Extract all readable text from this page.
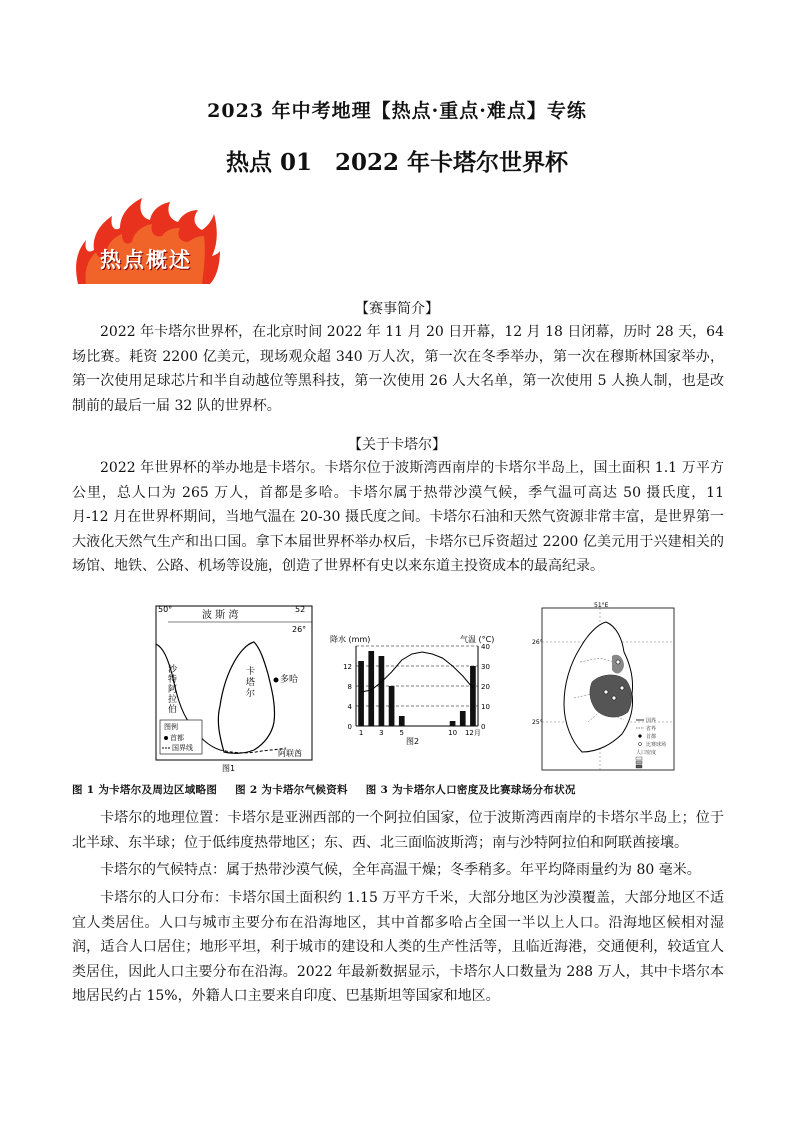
2023 年中考地理【热点·重点·难点】专练
热点 01　2022 年卡塔尔世界杯
热点概述
【赛事简介】

2022 年卡塔尔世界杯，在北京时间 2022 年 11 月 20 日开幕，12 月 18 日闭幕，历时 28 天，64 场比赛。耗资 2200 亿美元，现场观众超 340 万人次，第一次在冬季举办，第一次在穆斯林国家举办，第一次使用足球芯片和半自动越位等黑科技，第一次使用 26 人大名单，第一次使用 5 人换人制，也是改制前的最后一届 32 队的世界杯。

【关于卡塔尔】

2022 年世界杯的举办地是卡塔尔。卡塔尔位于波斯湾西南岸的卡塔尔半岛上，国土面积 1.1 万平方公里，总人口为 265 万人，首都是多哈。卡塔尔属于热带沙漠气候，季气温可高达 50 摄氏度，11 月-12 月在世界杯期间，当地气温在 20-30 摄氏度之间。卡塔尔石油和天然气资源非常丰富，是世界第一大液化天然气生产和出口国。拿下本届世界杯举办权后，卡塔尔已斥资超过 2200 亿美元用于兴建相关的场馆、地铁、公路、机场等设施，创造了世界杯有史以来东道主投资成本的最高纪录。

50°	52
26°
波 斯 湾
多哈
卡 塔 尔
沙 特 阿 拉 伯
阿联酋
图例
首都
国界线
图1
降水 (mm)	气温 (°C)
0
4
8
12
0
10
20
30
40
1 3 5	10 12月
图2
51°E
26°
25°	国界
省界
首都
比赛球场
人口密度
图 1 为卡塔尔及周边区域略图 图 2 为卡塔尔气候资料 图 3 为卡塔尔人口密度及比赛球场分布状况

卡塔尔的地理位置：卡塔尔是亚洲西部的一个阿拉伯国家，位于波斯湾西南岸的卡塔尔半岛上；位于北半球、东半球；位于低纬度热带地区；东、西、北三面临波斯湾；南与沙特阿拉伯和阿联酋接壤。

卡塔尔的气候特点：属于热带沙漠气候，全年高温干燥；冬季稍多。年平均降雨量约为 80 毫米。

卡塔尔的人口分布：卡塔尔国土面积约 1.15 万平方千米，大部分地区为沙漠覆盖，大部分地区不适宜人类居住。人口与城市主要分布在沿海地区，其中首都多哈占全国一半以上人口。沿海地区候相对湿润，适合人口居住；地形平坦，利于城市的建设和人类的生产性活等，且临近海港，交通便利，较适宜人类居住，因此人口主要分布在沿海。2022 年最新数据显示，卡塔尔人口数量为 288 万人，其中卡塔尔本地居民约占 15%，外籍人口主要来自印度、巴基斯坦等国家和地区。
